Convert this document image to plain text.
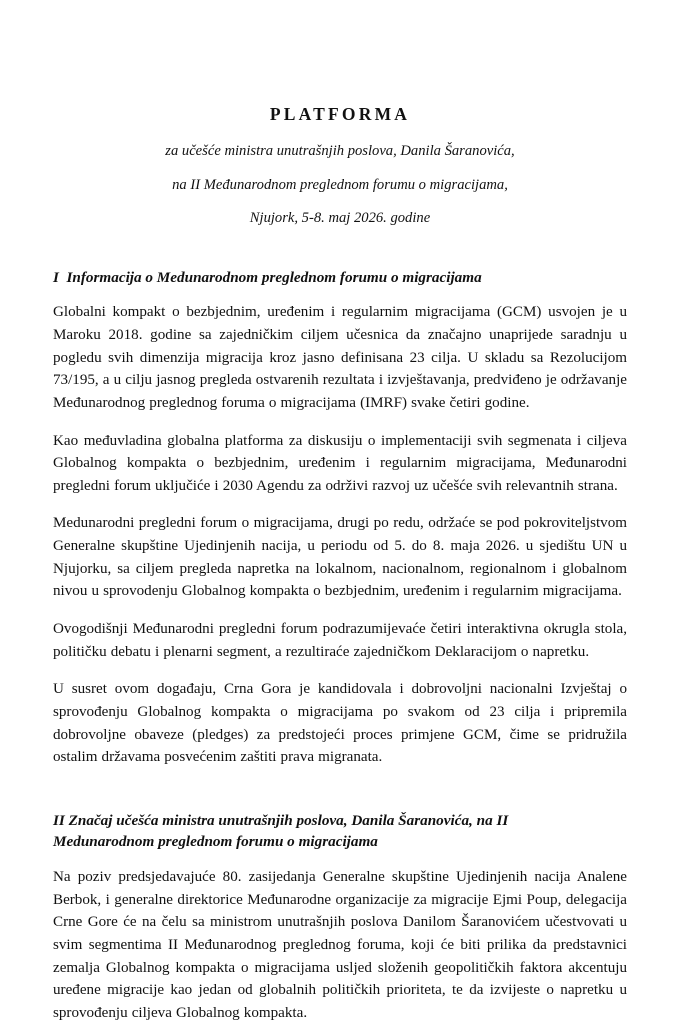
PLATFORMA
za učešće ministra unutrašnjih poslova, Danila Šaranovića,
na II Međunarodnom preglednom forumu o migracijama,
Njujork, 5-8. maj 2026. godine
I Informacija o Medunarodnom preglednom forumu o migracijama

Globalni kompakt o bezbjednim, uređenim i regularnim migracijama (GCM) usvojen je u Maroku 2018. godine sa zajedničkim ciljem učesnica da značajno unaprijede saradnju u pogledu svih dimenzija migracija kroz jasno definisana 23 cilja. U skladu sa Rezolucijom 73/195, a u cilju jasnog pregleda ostvarenih rezultata i izvještavanja, predviđeno je održavanje Međunarodnog preglednog foruma o migracijama (IMRF) svake četiri godine.

Kao međuvladina globalna platforma za diskusiju o implementaciji svih segmenata i ciljeva Globalnog kompakta o bezbjednim, uređenim i regularnim migracijama, Međunarodni pregledni forum uključiće i 2030 Agendu za održivi razvoj uz učešće svih relevantnih strana.

Medunarodni pregledni forum o migracijama, drugi po redu, održaće se pod pokroviteljstvom Generalne skupštine Ujedinjenih nacija, u periodu od 5. do 8. maja 2026. u sjedištu UN u Njujorku, sa ciljem pregleda napretka na lokalnom, nacionalnom, regionalnom i globalnom nivou u sprovodenju Globalnog kompakta o bezbjednim, uređenim i regularnim migracijama.

Ovogodišnji Međunarodni pregledni forum podrazumijevaće četiri interaktivna okrugla stola, političku debatu i plenarni segment, a rezultiraće zajedničkom Deklaracijom o napretku.

U susret ovom događaju, Crna Gora je kandidovala i dobrovoljni nacionalni Izvještaj o sprovođenju Globalnog kompakta o migracijama po svakom od 23 cilja i pripremila dobrovoljne obaveze (pledges) za predstojeći proces primjene GCM, čime se pridružila ostalim državama posvećenim zaštiti prava migranata.

II Značaj učešća ministra unutrašnjih poslova, Danila Šaranovića, na II
Medunarodnom preglednom forumu o migracijama

Na poziv predsjedavajuće 80. zasijedanja Generalne skupštine Ujedinjenih nacija Analene Berbok, i generalne direktorice Međunarodne organizacije za migracije Ejmi Poup, delegacija Crne Gore će na čelu sa ministrom unutrašnjih poslova Danilom Šaranovićem učestvovati u svim segmentima II Međunarodnog preglednog foruma, koji će biti prilika da predstavnici zemalja Globalnog kompakta o migracijama usljed složenih geopolitičkih faktora akcentuju uređene migracije kao jedan od globalnih političkih prioriteta, te da izvijeste o napretku u sprovođenju ciljeva Globalnog kompakta.
